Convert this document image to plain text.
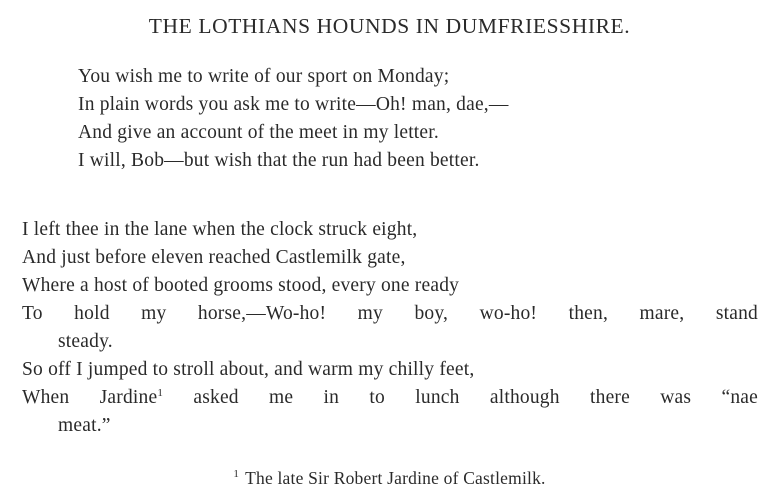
THE LOTHIANS HOUNDS IN DUMFRIESSHIRE.
You wish me to write of our sport on Monday;
In plain words you ask me to write—Oh! man, dae,—
And give an account of the meet in my letter.
I will, Bob—but wish that the run had been better.
I left thee in the lane when the clock struck eight,
And just before eleven reached Castlemilk gate,
Where a host of booted grooms stood, every one ready
To hold my horse,—Wo-ho! my boy, wo-ho! then, mare, stand
steady.
So off I jumped to stroll about, and warm my chilly feet,
When Jardine$^1$ asked me in to lunch although there was “nae
meat.”
$^1$ The late Sir Robert Jardine of Castlemilk.
